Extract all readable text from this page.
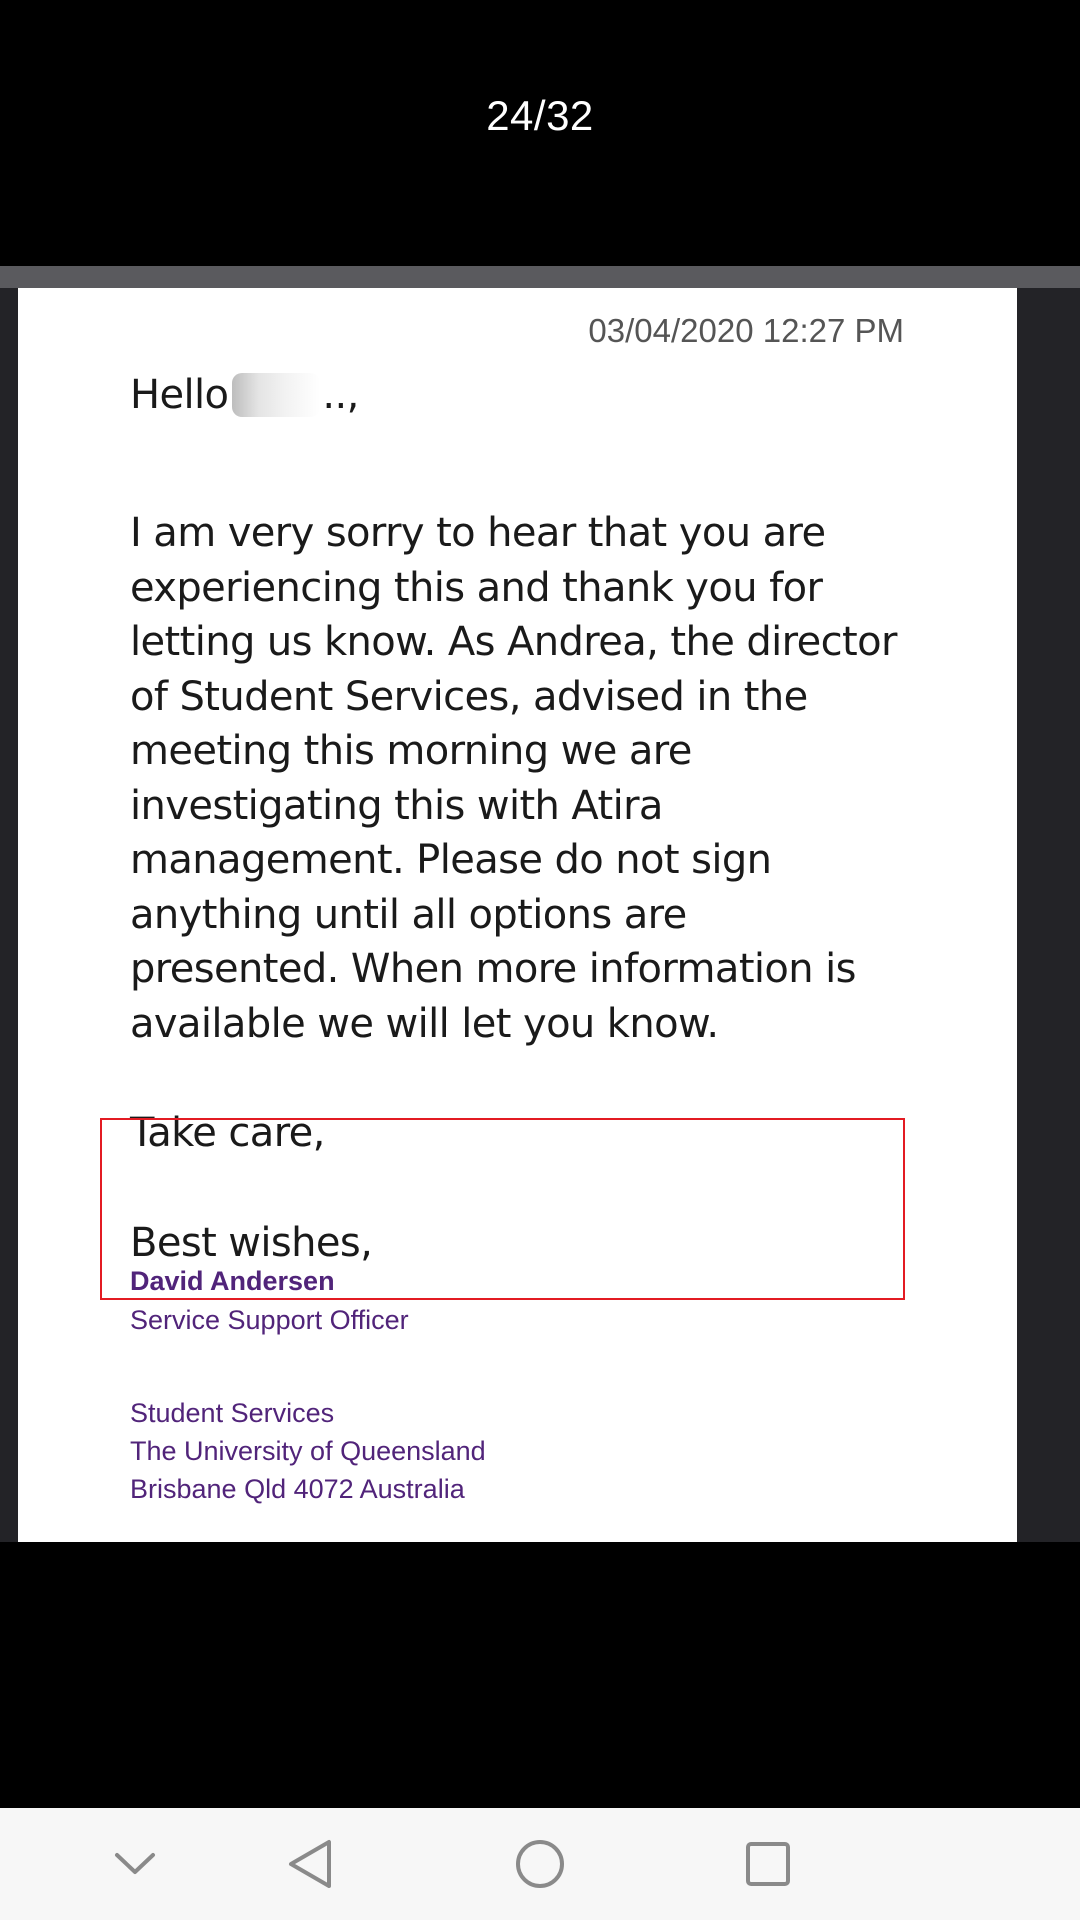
24/32
03/04/2020 12:27 PM
Hello ..,
I am very sorry to hear that you are
experiencing this and thank you for
letting us know. As Andrea, the director
of Student Services, advised in the
meeting this morning we are
investigating this with Atira
management. Please do not sign
anything until all options are
presented. When more information is
available we will let you know.
Take care,
Best wishes,
David Andersen
Service Support Officer
Student Services
The University of Queensland
Brisbane Qld 4072 Australia
